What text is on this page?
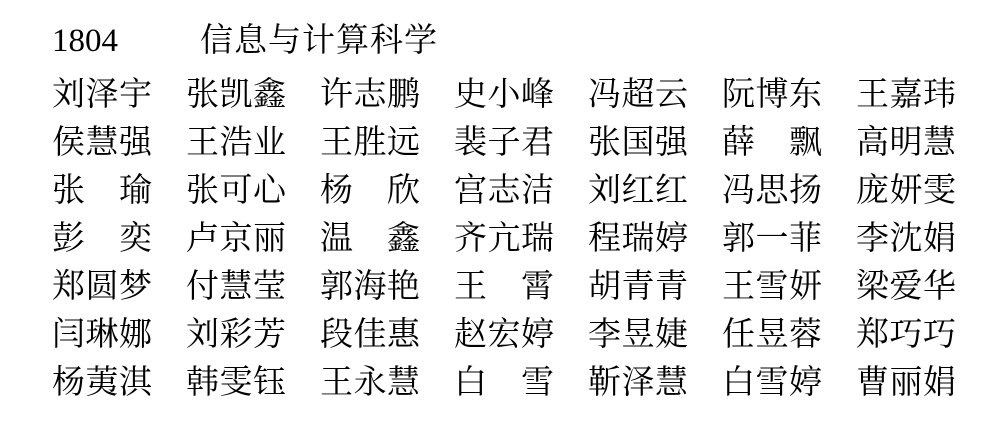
1804 信息与计算科学
刘泽宇 张凯鑫 许志鹏 史小峰 冯超云 阮博东 王嘉玮
侯慧强 王浩业 王胜远 裴子君 张国强 薛飘 高明慧
张瑜 张可心 杨欣 宫志洁 刘红红 冯思扬 庞妍雯
彭奕 卢京丽 温鑫 齐亢瑞 程瑞婷 郭一菲 李沈娟
郑圆梦 付慧莹 郭海艳 王霄 胡青青 王雪妍 梁爱华
闫琳娜 刘彩芳 段佳惠 赵宏婷 李昱婕 任昱蓉 郑巧巧
杨荑淇 韩雯钰 王永慧 白雪 靳泽慧 白雪婷 曹丽娟
